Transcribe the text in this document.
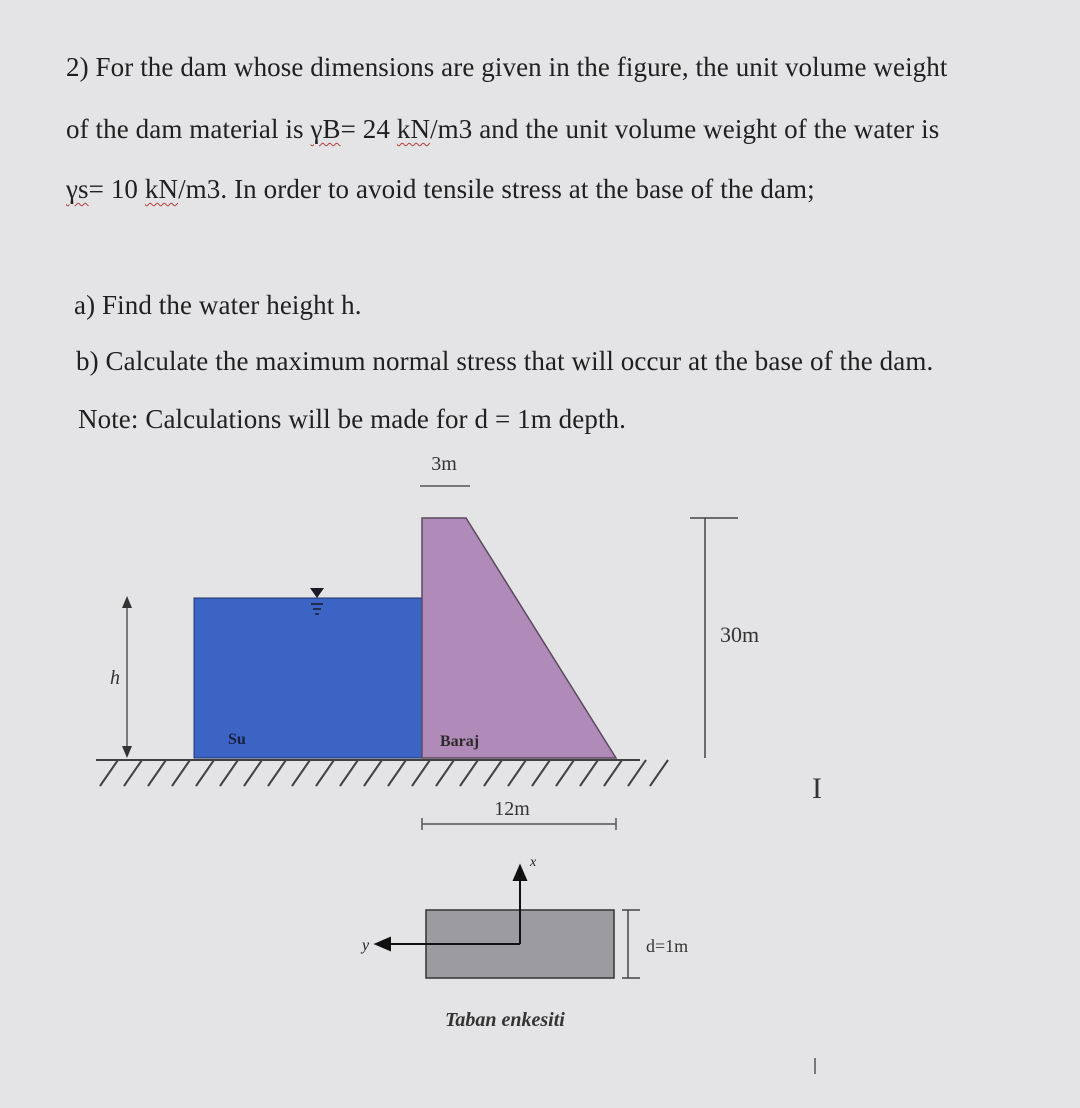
2) For the dam whose dimensions are given in the figure, the unit volume weight
of the dam material is γB= 24 kN/m3 and the unit volume weight of the water is
γs= 10 kN/m3. In order to avoid tensile stress at the base of the dam;
a) Find the water height h.
b) Calculate the maximum normal stress that will occur at the base of the dam.
Note: Calculations will be made for d = 1m depth.
3m
Su	Baraj
h
30m
12m
I
x
y	d=1m
Taban enkesiti
